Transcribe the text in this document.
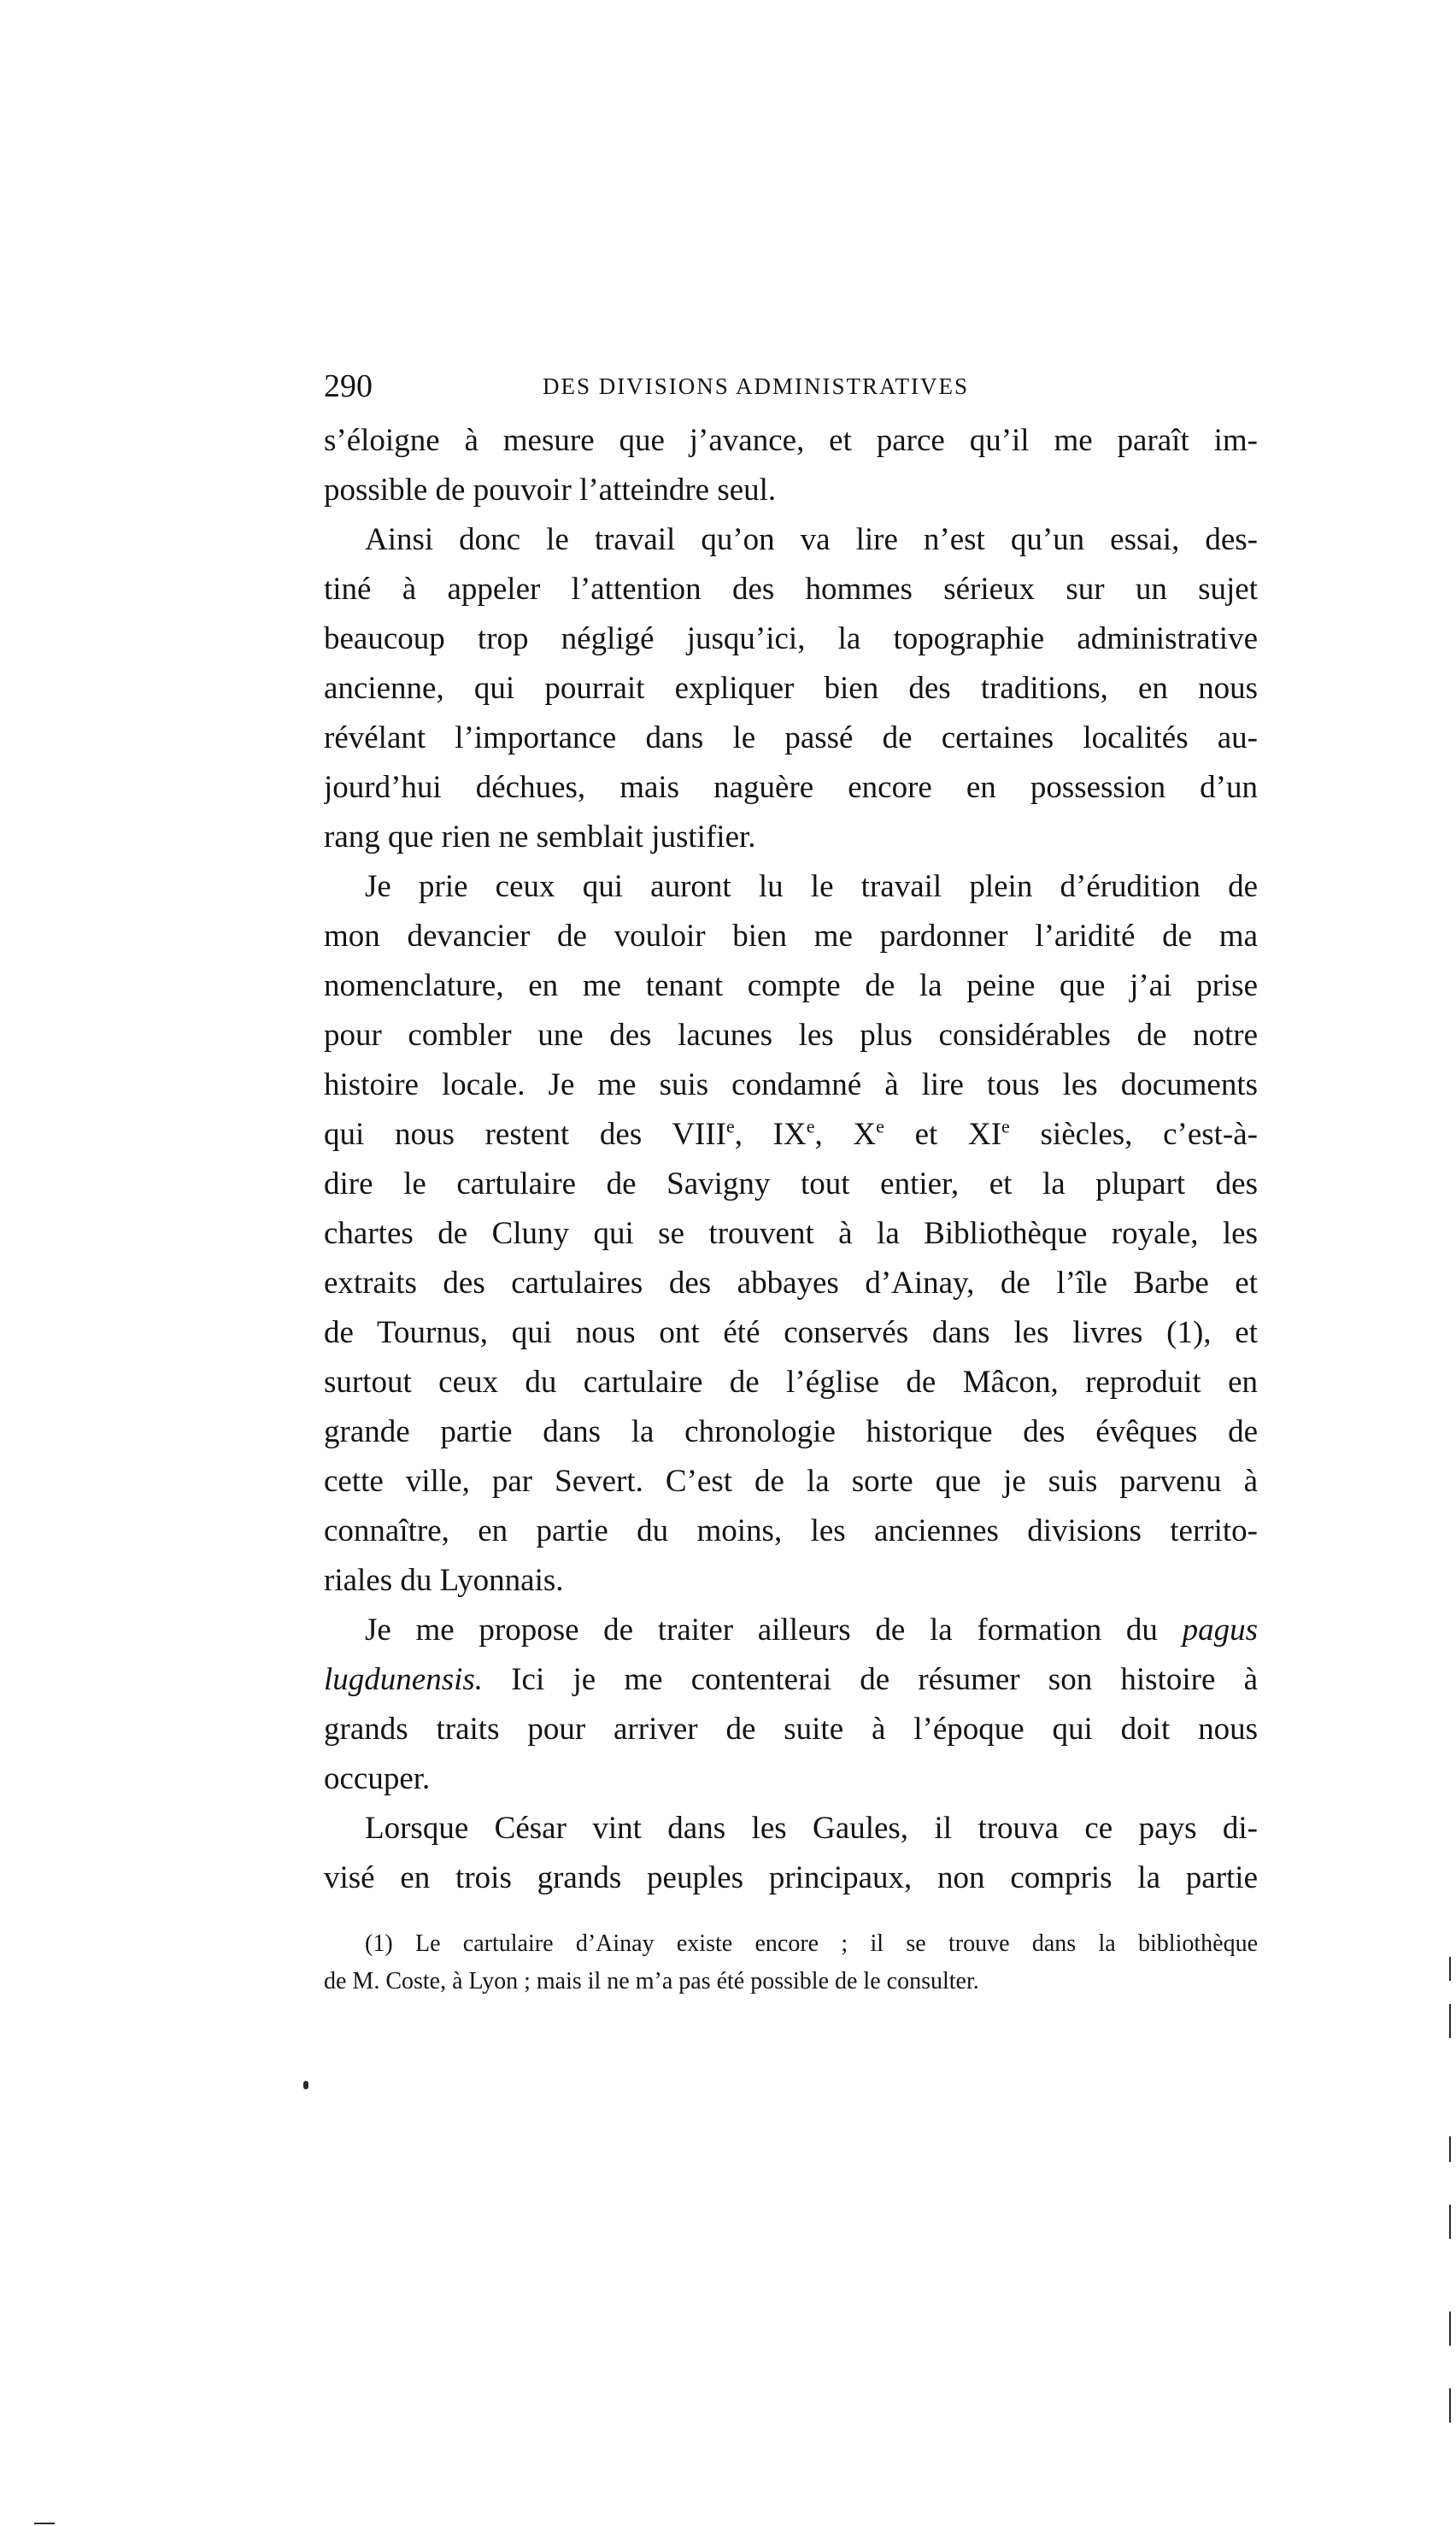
290	DES DIVISIONS ADMINISTRATIVES
s’éloigne à mesure que j’avance, et parce qu’il me paraît im-
possible de pouvoir l’atteindre seul.
Ainsi donc le travail qu’on va lire n’est qu’un essai, des-
tiné à appeler l’attention des hommes sérieux sur un sujet
beaucoup trop négligé jusqu’ici, la topographie administrative
ancienne, qui pourrait expliquer bien des traditions, en nous
révélant l’importance dans le passé de certaines localités au-
jourd’hui déchues, mais naguère encore en possession d’un
rang que rien ne semblait justifier.
Je prie ceux qui auront lu le travail plein d’érudition de
mon devancier de vouloir bien me pardonner l’aridité de ma
nomenclature, en me tenant compte de la peine que j’ai prise
pour combler une des lacunes les plus considérables de notre
histoire locale. Je me suis condamné à lire tous les documents
qui nous restent des VIIIe, IXe, Xe et XIe siècles, c’est-à-
dire le cartulaire de Savigny tout entier, et la plupart des
chartes de Cluny qui se trouvent à la Bibliothèque royale, les
extraits des cartulaires des abbayes d’Ainay, de l’île Barbe et
de Tournus, qui nous ont été conservés dans les livres (1), et
surtout ceux du cartulaire de l’église de Mâcon, reproduit en
grande partie dans la chronologie historique des évêques de
cette ville, par Severt. C’est de la sorte que je suis parvenu à
connaître, en partie du moins, les anciennes divisions territo-
riales du Lyonnais.
Je me propose de traiter ailleurs de la formation du pagus
lugdunensis. Ici je me contenterai de résumer son histoire à
grands traits pour arriver de suite à l’époque qui doit nous
occuper.
Lorsque César vint dans les Gaules, il trouva ce pays di-
visé en trois grands peuples principaux, non compris la partie
(1) Le cartulaire d’Ainay existe encore ; il se trouve dans la bibliothèque
de M. Coste, à Lyon ; mais il ne m’a pas été possible de le consulter.
